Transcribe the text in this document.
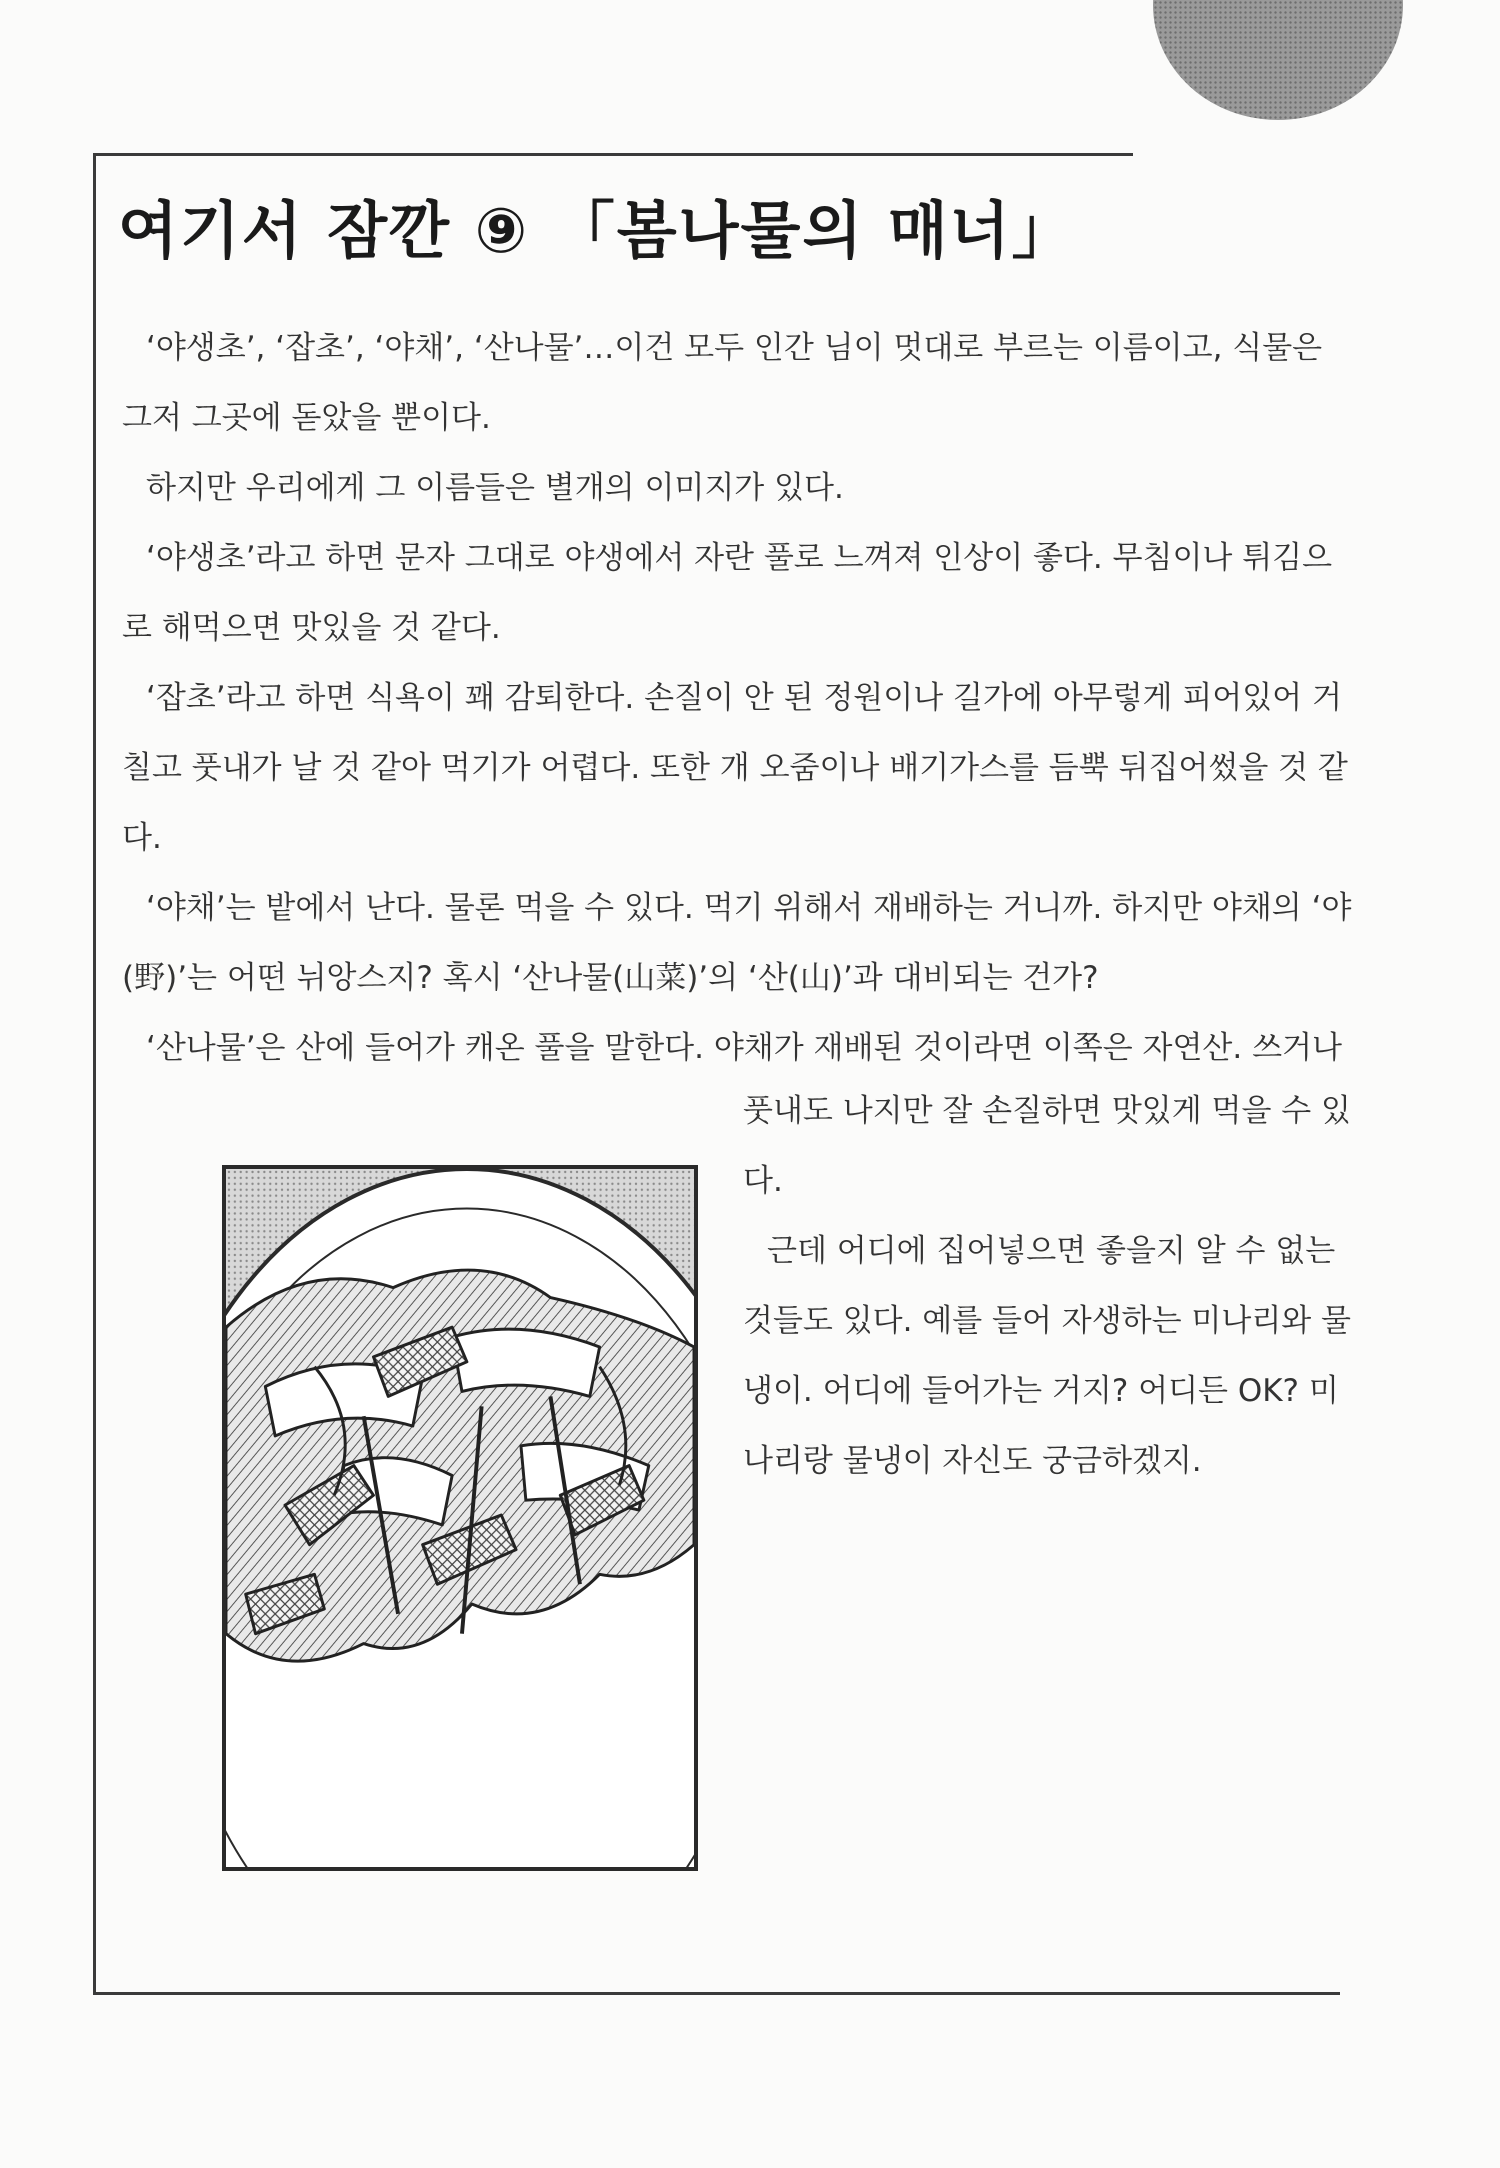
여기서 잠깐 ⑨ 「봄나물의 매너」

‘야생초’, ‘잡초’, ‘야채’, ‘산나물’…이건 모두 인간 님이 멋대로 부르는 이름이고, 식물은 그저 그곳에 돋았을 뿐이다.

하지만 우리에게 그 이름들은 별개의 이미지가 있다.

‘야생초’라고 하면 문자 그대로 야생에서 자란 풀로 느껴져 인상이 좋다. 무침이나 튀김으로 해먹으면 맛있을 것 같다.

‘잡초’라고 하면 식욕이 꽤 감퇴한다. 손질이 안 된 정원이나 길가에 아무렇게 피어있어 거칠고 풋내가 날 것 같아 먹기가 어렵다. 또한 개 오줌이나 배기가스를 듬뿍 뒤집어썼을 것 같다.

‘야채’는 밭에서 난다. 물론 먹을 수 있다. 먹기 위해서 재배하는 거니까. 하지만 야채의 ‘야(野)’는 어떤 뉘앙스지? 혹시 ‘산나물(山菜)’의 ‘산(山)’과 대비되는 건가?

‘산나물’은 산에 들어가 캐온 풀을 말한다. 야채가 재배된 것이라면 이쪽은 자연산. 쓰거나

풋내도 나지만 잘 손질하면 맛있게 먹을 수 있다.

근데 어디에 집어넣으면 좋을지 알 수 없는 것들도 있다. 예를 들어 자생하는 미나리와 물냉이. 어디에 들어가는 거지? 어디든 OK? 미나리랑 물냉이 자신도 궁금하겠지.
